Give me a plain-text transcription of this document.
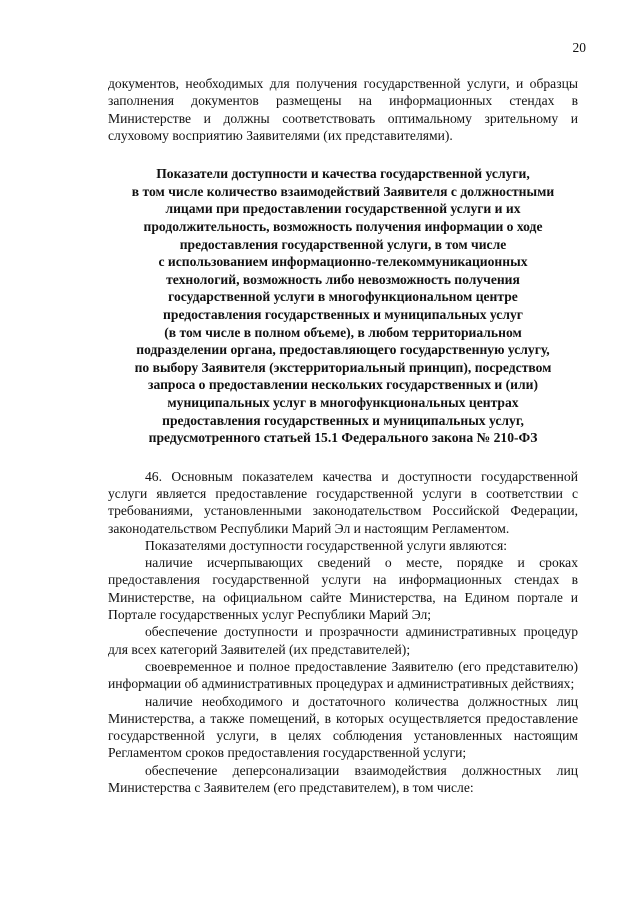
20

документов, необходимых для получения государственной услуги, и образцы заполнения документов размещены на информационных стендах в Министерстве и должны соответствовать оптимальному зрительному и слуховому восприятию Заявителями (их представителями).

Показатели доступности и качества государственной услуги,
в том числе количество взаимодействий Заявителя с должностными
лицами при предоставлении государственной услуги и их
продолжительность, возможность получения информации о ходе
предоставления государственной услуги, в том числе
с использованием информационно-телекоммуникационных
технологий, возможность либо невозможность получения
государственной услуги в многофункциональном центре
предоставления государственных и муниципальных услуг
(в том числе в полном объеме), в любом территориальном
подразделении органа, предоставляющего государственную услугу,
по выбору Заявителя (экстерриториальный принцип), посредством
запроса о предоставлении нескольких государственных и (или)
муниципальных услуг в многофункциональных центрах
предоставления государственных и муниципальных услуг,
предусмотренного статьей 15.1 Федерального закона № 210-ФЗ

46. Основным показателем качества и доступности государственной услуги является предоставление государственной услуги в соответствии с требованиями, установленными законодательством Российской Федерации, законодательством Республики Марий Эл и настоящим Регламентом.

Показателями доступности государственной услуги являются:

наличие исчерпывающих сведений о месте, порядке и сроках предоставления государственной услуги на информационных стендах в Министерстве, на официальном сайте Министерства, на Едином портале и Портале государственных услуг Республики Марий Эл;

обеспечение доступности и прозрачности административных процедур для всех категорий Заявителей (их представителей);

своевременное и полное предоставление Заявителю (его представителю) информации об административных процедурах и административных действиях;

наличие необходимого и достаточного количества должностных лиц Министерства, а также помещений, в которых осуществляется предоставление государственной услуги, в целях соблюдения установленных настоящим Регламентом сроков предоставления государственной услуги;

обеспечение деперсонализации взаимодействия должностных лиц Министерства с Заявителем (его представителем), в том числе:
